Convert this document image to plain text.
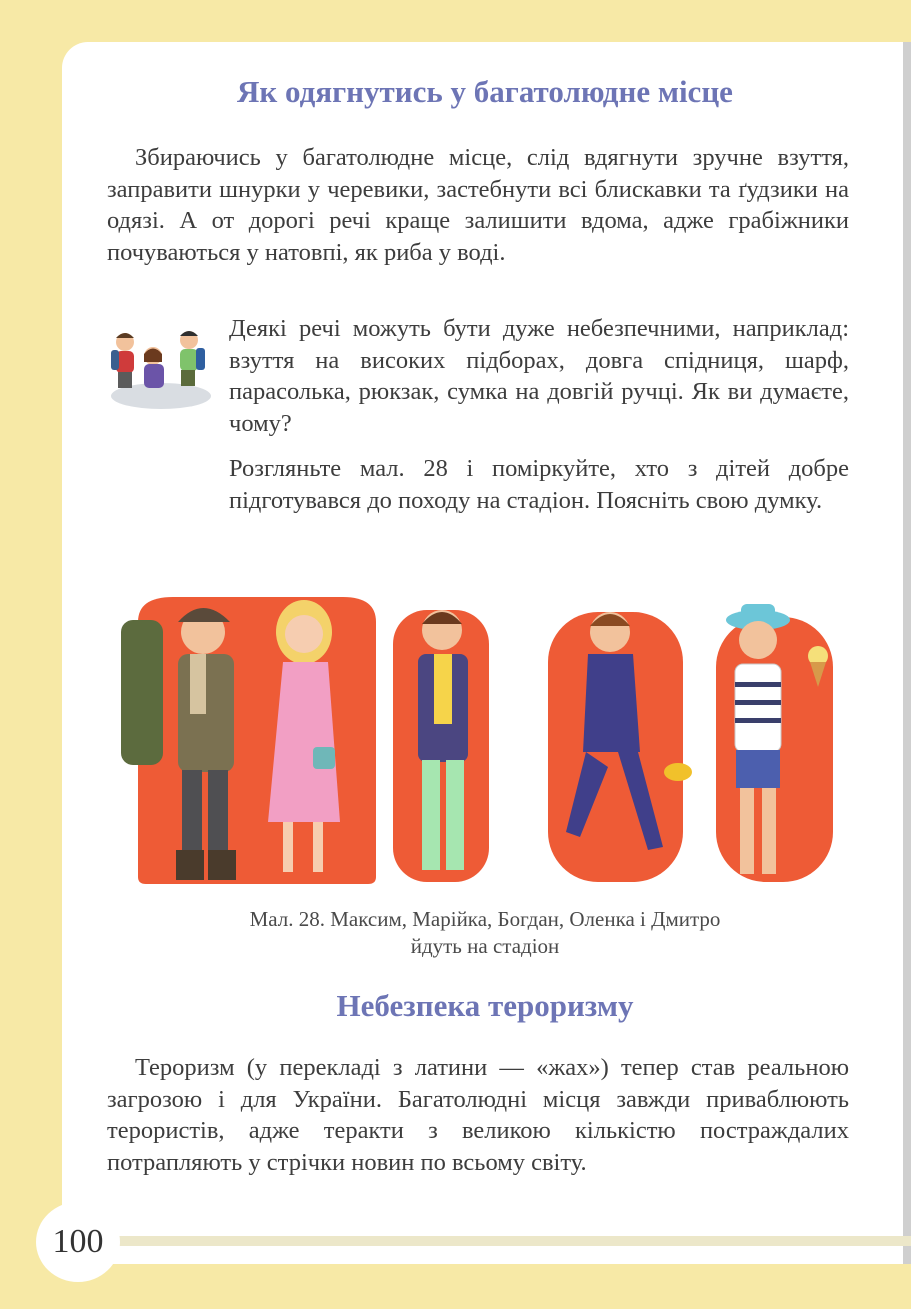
Як одягнутись у багатолюдне місце

Збираючись у багатолюдне місце, слід вдягнути зручне взуття, заправити шнурки у черевики, застебнути всі блискавки та ґудзики на одязі. А от дорогі речі краще залишити вдома, адже грабіжники почуваються у натовпі, як риба у воді.

Деякі речі можуть бути дуже небезпечними, наприклад: взуття на високих підборах, довга спідниця, шарф, парасолька, рюкзак, сумка на довгій ручці. Як ви думаєте, чому?

Розгляньте мал. 28 і поміркуйте, хто з дітей добре підготувався до походу на стадіон. Поясніть свою думку.

Мал. 28. Максим, Марійка, Богдан, Оленка і Дмитро
йдуть на стадіон

Небезпека тероризму

Тероризм (у перекладі з латини — «жах») тепер став реальною загрозою і для України. Багатолюдні місця завжди приваблюють терористів, адже теракти з великою кількістю постраждалих потрапляють у стрічки новин по всьому світу.

100
